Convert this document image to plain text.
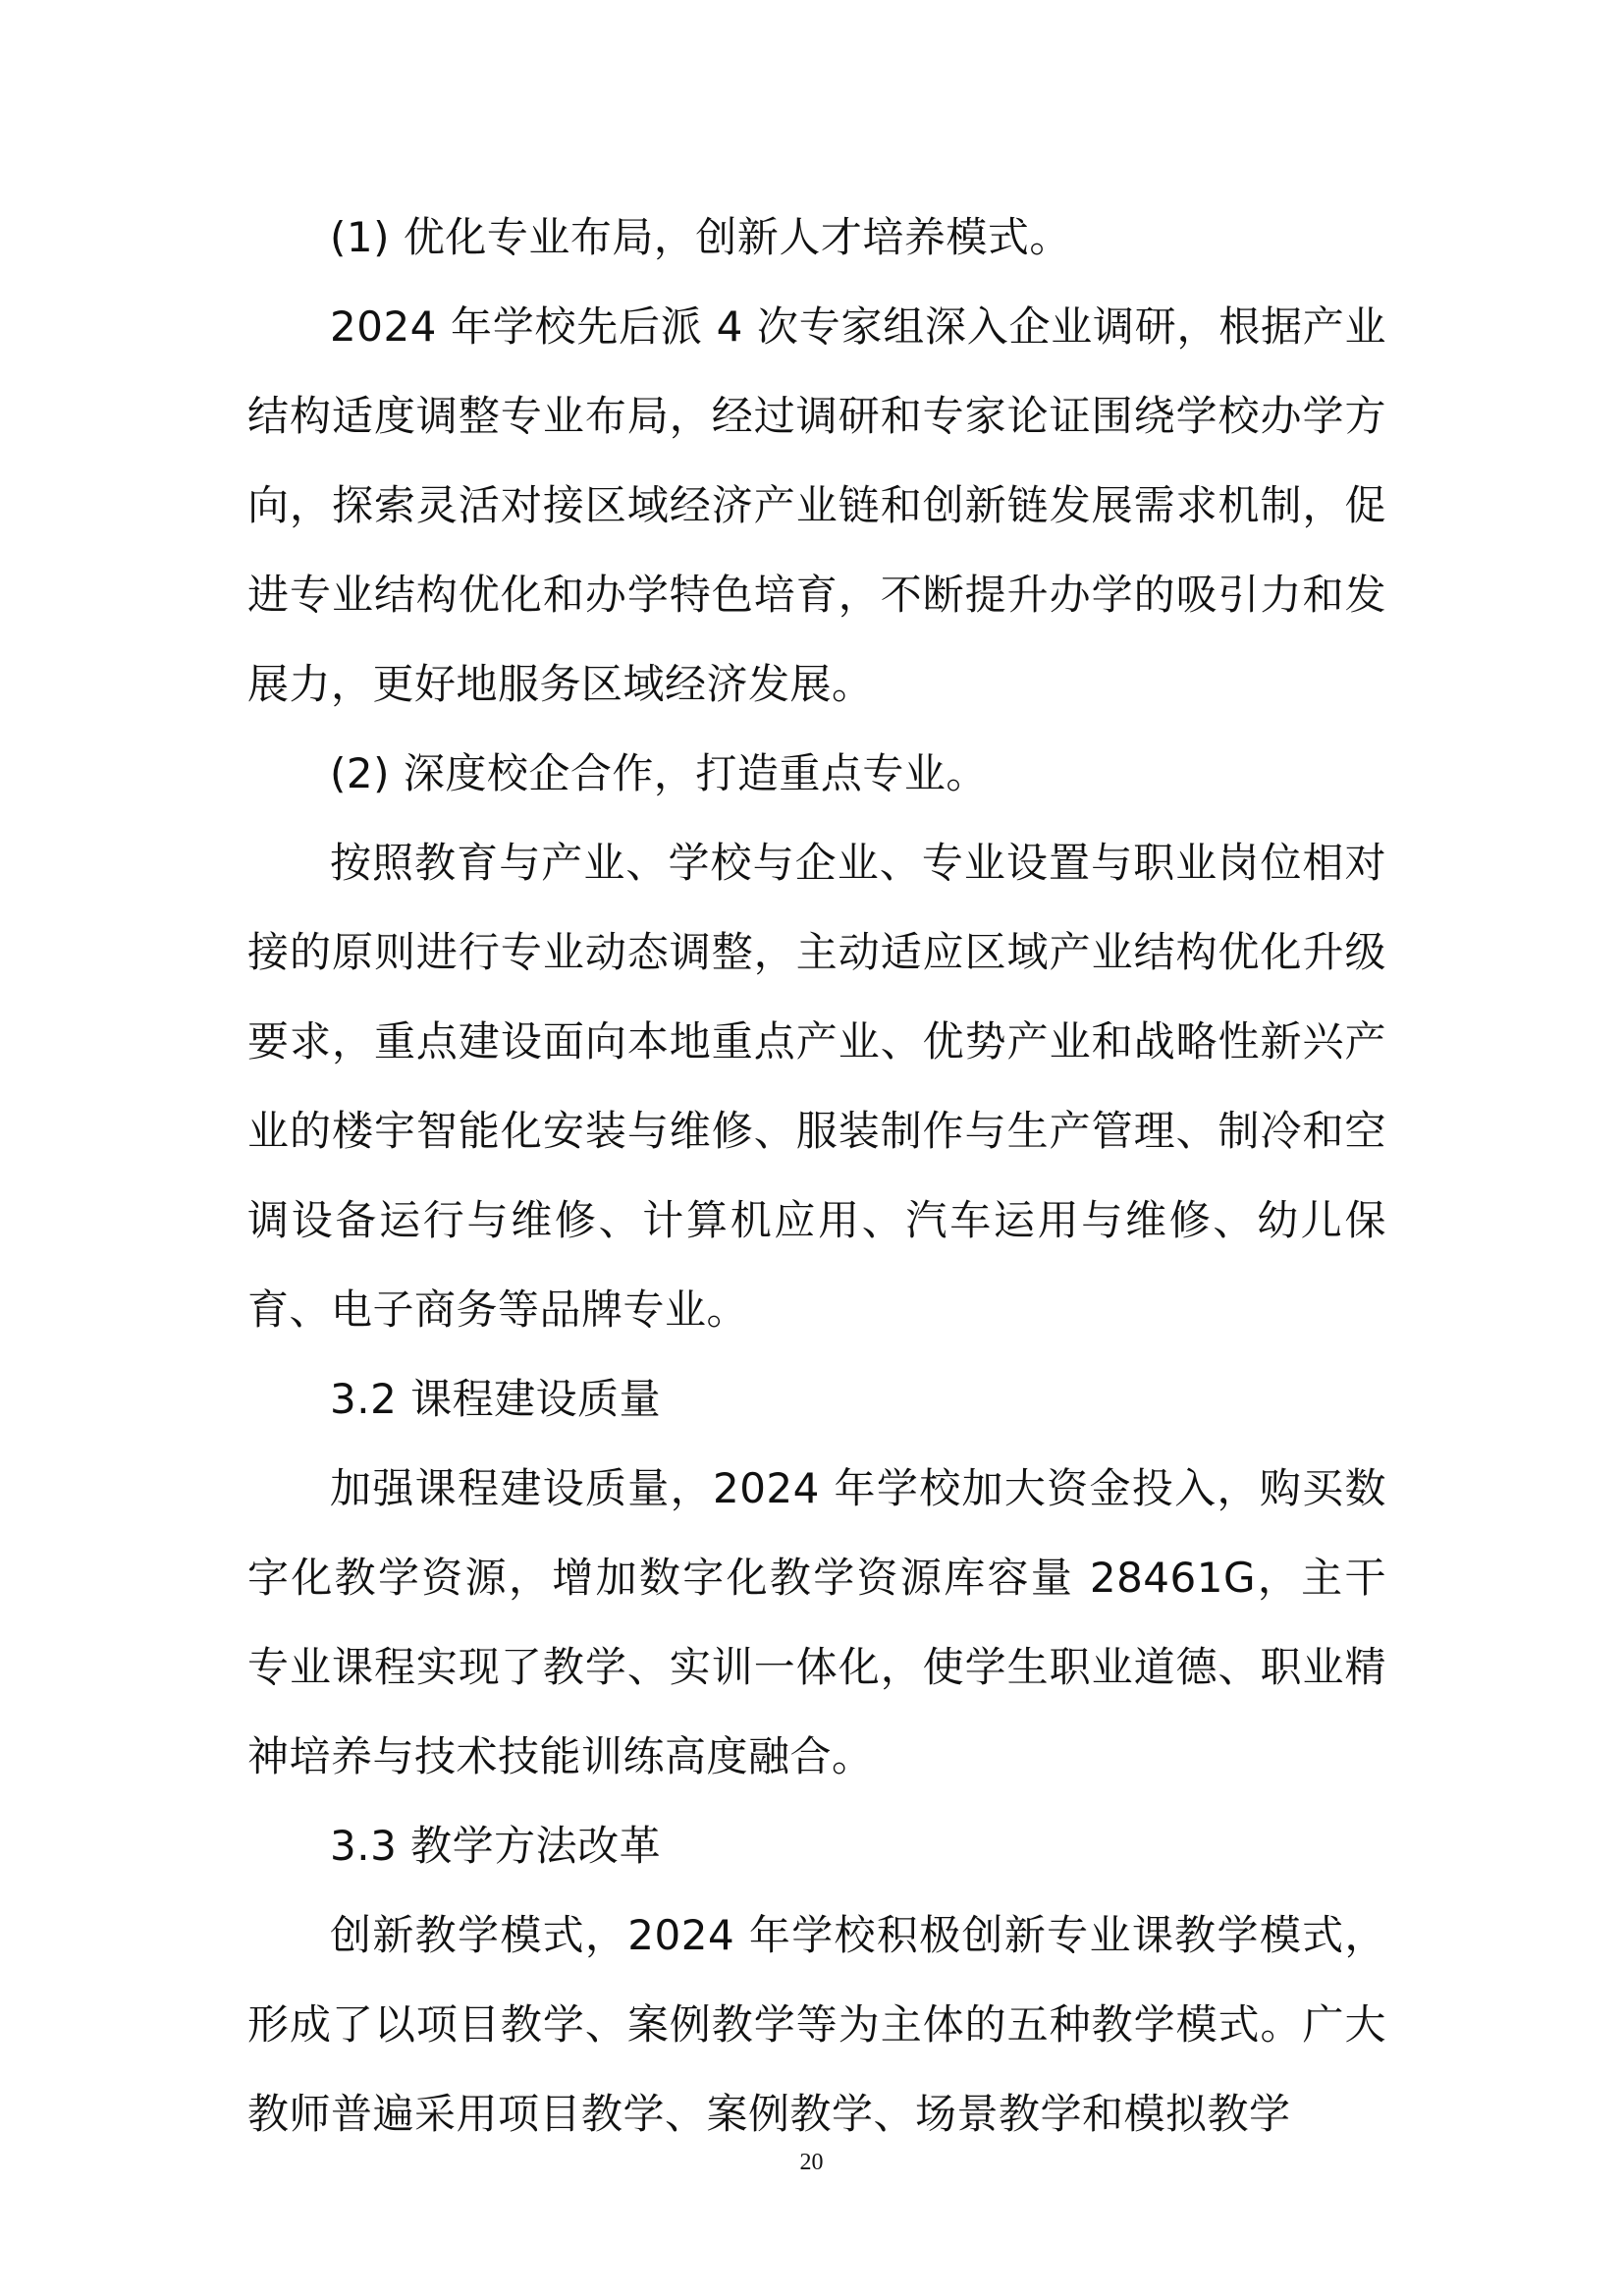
(1) 优化专业布局，创新人才培养模式。

2024 年学校先后派 4 次专家组深入企业调研，根据产业结构适度调整专业布局，经过调研和专家论证围绕学校办学方向，探索灵活对接区域经济产业链和创新链发展需求机制，促进专业结构优化和办学特色培育，不断提升办学的吸引力和发展力，更好地服务区域经济发展。

(2) 深度校企合作，打造重点专业。

按照教育与产业、学校与企业、专业设置与职业岗位相对接的原则进行专业动态调整，主动适应区域产业结构优化升级要求，重点建设面向本地重点产业、优势产业和战略性新兴产业的楼宇智能化安装与维修、服装制作与生产管理、制冷和空调设备运行与维修、计算机应用、汽车运用与维修、幼儿保育、电子商务等品牌专业。

3.2 课程建设质量

加强课程建设质量，2024 年学校加大资金投入，购买数字化教学资源，增加数字化教学资源库容量 28461G，主干专业课程实现了教学、实训一体化，使学生职业道德、职业精神培养与技术技能训练高度融合。

3.3 教学方法改革

创新教学模式，2024 年学校积极创新专业课教学模式，形成了以项目教学、案例教学等为主体的五种教学模式。广大教师普遍采用项目教学、案例教学、场景教学和模拟教学

20
